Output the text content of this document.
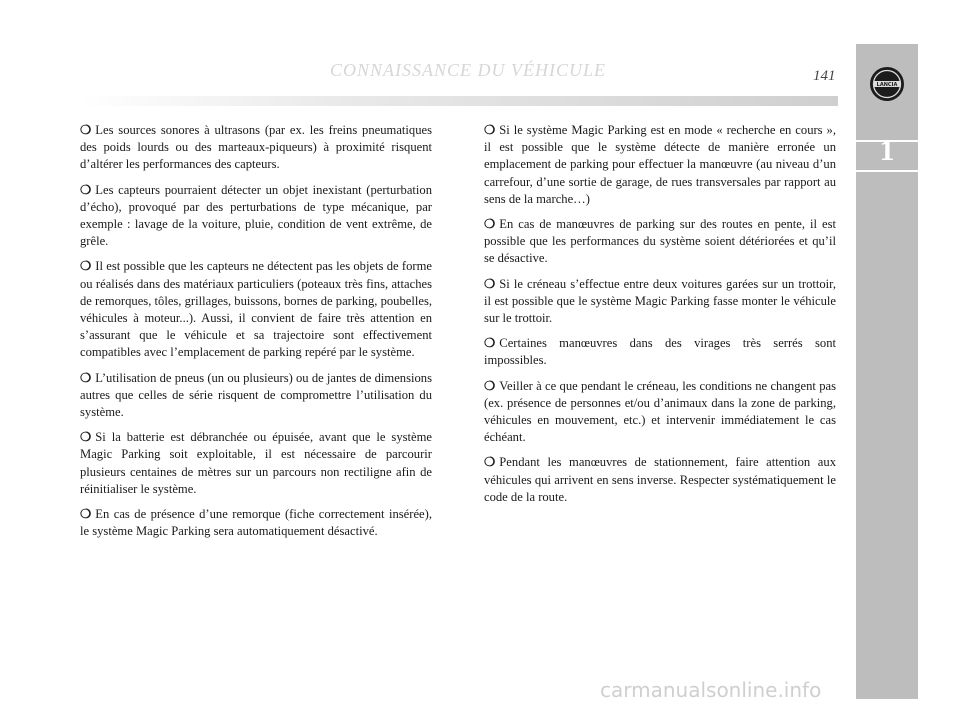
CONNAISSANCE DU VÉHICULE	141
LANCIA
1

❍ Les sources sonores à ultrasons (par ex. les freins pneumatiques des poids lourds ou des marteaux-piqueurs) à proximité risquent d’altérer les performances des capteurs.

❍ Les capteurs pourraient détecter un objet inexistant (perturbation d’écho), provoqué par des perturbations de type mécanique, par exemple : lavage de la voiture, pluie, condition de vent extrême, de grêle.

❍ Il est possible que les capteurs ne détectent pas les objets de forme ou réalisés dans des matériaux particuliers (poteaux très fins, attaches de remorques, tôles, grillages, buissons, bornes de parking, poubelles, véhicules à moteur...). Aussi, il convient de faire très attention en s’assurant que le véhicule et sa trajectoire sont effectivement compatibles avec l’emplacement de parking repéré par le système.

❍ L’utilisation de pneus (un ou plusieurs) ou de jantes de dimensions autres que celles de série risquent de compromettre l’utilisation du système.

❍ Si la batterie est débranchée ou épuisée, avant que le système Magic Parking soit exploitable, il est nécessaire de parcourir plusieurs centaines de mètres sur un parcours non rectiligne afin de réinitialiser le système.

❍ En cas de présence d’une remorque (fiche correctement insérée), le système Magic Parking sera automatiquement désactivé.

❍ Si le système Magic Parking est en mode « recherche en cours », il est possible que le système détecte de manière erronée un emplacement de parking pour effectuer la manœuvre (au niveau d’un carrefour, d’une sortie de garage, de rues transversales par rapport au sens de la marche…)

❍ En cas de manœuvres de parking sur des routes en pente, il est possible que les performances du système soient détériorées et qu’il se désactive.

❍ Si le créneau s’effectue entre deux voitures garées sur un trottoir, il est possible que le système Magic Parking fasse monter le véhicule sur le trottoir.

❍ Certaines manœuvres dans des virages très serrés sont impossibles.

❍ Veiller à ce que pendant le créneau, les conditions ne changent pas (ex. présence de personnes et/ou d’animaux dans la zone de parking, véhicules en mouvement, etc.) et intervenir immédiatement le cas échéant.

❍ Pendant les manœuvres de stationnement, faire attention aux véhicules qui arrivent en sens inverse. Respecter systématiquement le code de la route.

carmanualsonline.info
